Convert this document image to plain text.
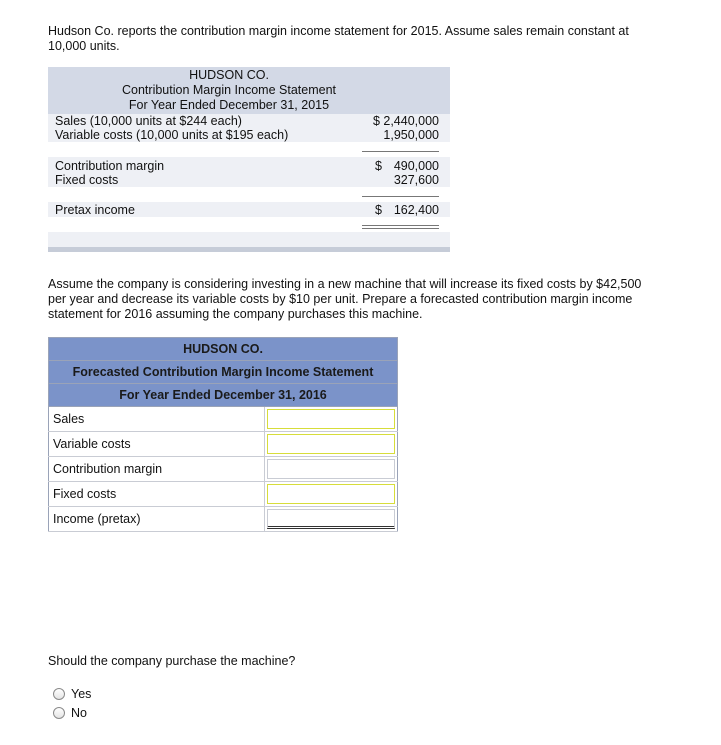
Hudson Co. reports the contribution margin income statement for 2015. Assume sales remain constant at
10,000 units.
HUDSON CO.
Contribution Margin Income Statement
For Year Ended December 31, 2015
Sales (10,000 units at $244 each)	$ 2,440,000
Variable costs (10,000 units at $195 each)	1,950,000
Contribution margin	$ 490,000
Fixed costs	327,600
Pretax income	$ 162,400
Assume the company is considering investing in a new machine that will increase its fixed costs by $42,500
per year and decrease its variable costs by $10 per unit. Prepare a forecasted contribution margin income
statement for 2016 assuming the company purchases this machine.
HUDSON CO.	
Forecasted Contribution Margin Income Statement	
For Year Ended December 31, 2016	
Sales	

Variable costs	

Contribution margin	

Fixed costs	

Income (pretax)	
Should the company purchase the machine?
Yes
No
